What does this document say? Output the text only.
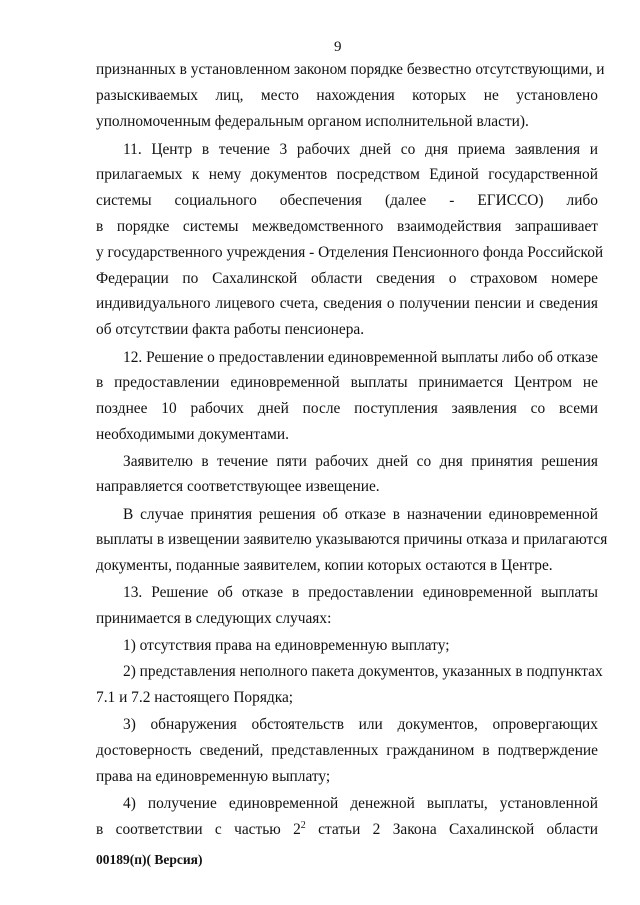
9
признанных в установленном законом порядке безвестно отсутствующими, и
разыскиваемых лиц, место нахождения которых не установлено
уполномоченным федеральным органом исполнительной власти).
11. Центр в течение 3 рабочих дней со дня приема заявления и
прилагаемых к нему документов посредством Единой государственной
системы социального обеспечения (далее - ЕГИССО) либо
в порядке системы межведомственного взаимодействия запрашивает
у государственного учреждения - Отделения Пенсионного фонда Российской
Федерации по Сахалинской области сведения о страховом номере
индивидуального лицевого счета, сведения о получении пенсии и сведения
об отсутствии факта работы пенсионера.
12. Решение о предоставлении единовременной выплаты либо об отказе
в предоставлении единовременной выплаты принимается Центром не
позднее 10 рабочих дней после поступления заявления со всеми
необходимыми документами.
Заявителю в течение пяти рабочих дней со дня принятия решения
направляется соответствующее извещение.
В случае принятия решения об отказе в назначении единовременной
выплаты в извещении заявителю указываются причины отказа и прилагаются
документы, поданные заявителем, копии которых остаются в Центре.
13. Решение об отказе в предоставлении единовременной выплаты
принимается в следующих случаях:
1) отсутствия права на единовременную выплату;
2) представления неполного пакета документов, указанных в подпунктах
7.1 и 7.2 настоящего Порядка;
3) обнаружения обстоятельств или документов, опровергающих
достоверность сведений, представленных гражданином в подтверждение
права на единовременную выплату;
4) получение единовременной денежной выплаты, установленной
в соответствии с частью $2^2$ статьи 2 Закона Сахалинской области
00189(п)( Версия)
